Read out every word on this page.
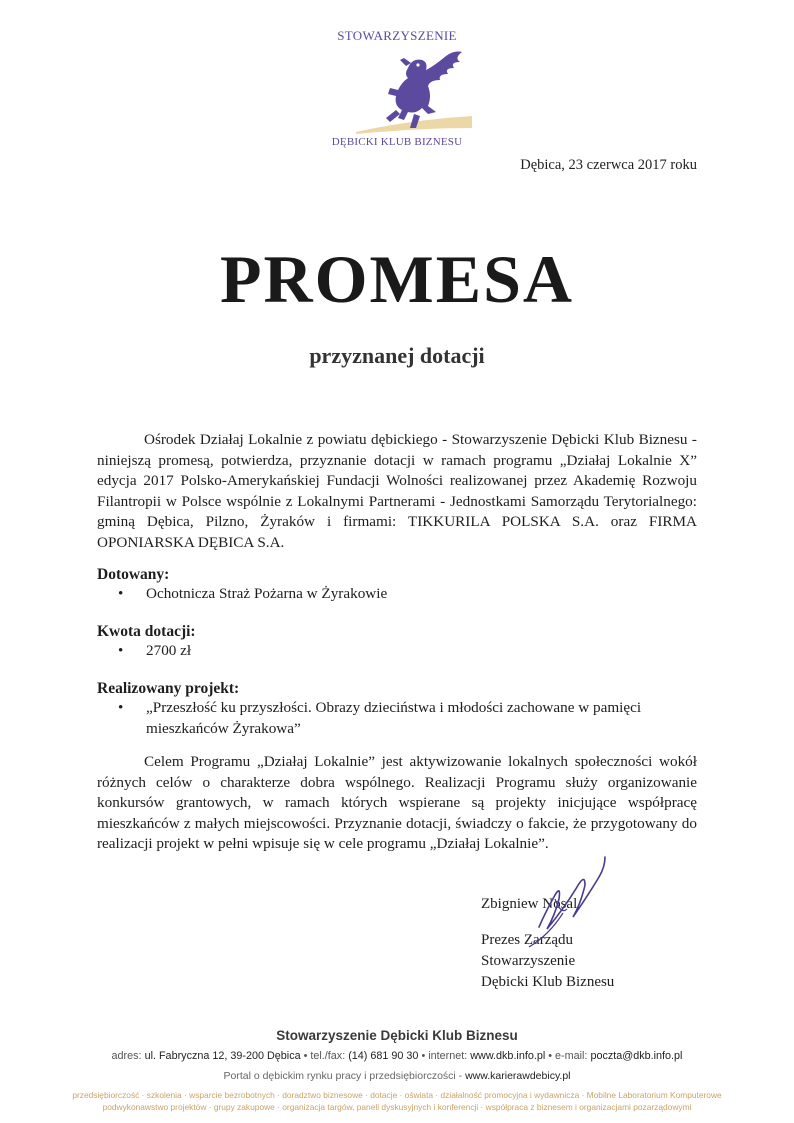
STOWARZYSZENIE
DĘBICKI KLUB BIZNESU
Dębica, 23 czerwca 2017 roku
PROMESA
przyznanej dotacji
Ośrodek Działaj Lokalnie z powiatu dębickiego - Stowarzyszenie Dębicki Klub Biznesu - niniejszą promesą, potwierdza, przyznanie dotacji w ramach programu „Działaj Lokalnie X” edycja 2017 Polsko-Amerykańskiej Fundacji Wolności realizowanej przez Akademię Rozwoju Filantropii w Polsce wspólnie z Lokalnymi Partnerami - Jednostkami Samorządu Terytorialnego: gminą Dębica, Pilzno, Żyraków i firmami: TIKKURILA POLSKA S.A. oraz FIRMA OPONIARSKA DĘBICA S.A.
Dotowany:
• Ochotnicza Straż Pożarna w Żyrakowie
Kwota dotacji:
• 2700 zł
Realizowany projekt:
• „Przeszłość ku przyszłości. Obrazy dzieciństwa i młodości zachowane w pamięci mieszkańców Żyrakowa”
Celem Programu „Działaj Lokalnie” jest aktywizowanie lokalnych społeczności wokół różnych celów o charakterze dobra wspólnego. Realizacji Programu służy organizowanie konkursów grantowych, w ramach których wspierane są projekty inicjujące współpracę mieszkańców z małych miejscowości. Przyznanie dotacji, świadczy o fakcie, że przygotowany do realizacji projekt w pełni wpisuje się w cele programu „Działaj Lokalnie”.
Zbigniew Nosal
Prezes Zarządu
Stowarzyszenie
Dębicki Klub Biznesu
Stowarzyszenie Dębicki Klub Biznesu
adres: ul. Fabryczna 12, 39-200 Dębica • tel./fax: (14) 681 90 30 • internet: www.dkb.info.pl • e-mail: poczta@dkb.info.pl
Portal o dębickim rynku pracy i przedsiębiorczości - www.karierawdebicy.pl
przedsiębiorczość · szkolenia · wsparcie bezrobotnych · doradztwo biznesowe · dotacje · oświata · działalność promocyjna i wydawnicza · Mobilne Laboratorium Komputerowe
podwykonawstwo projektów · grupy zakupowe · organizacja targów, paneli dyskusyjnych i konferencji · współpraca z biznesem i organizacjami pozarządowymi
